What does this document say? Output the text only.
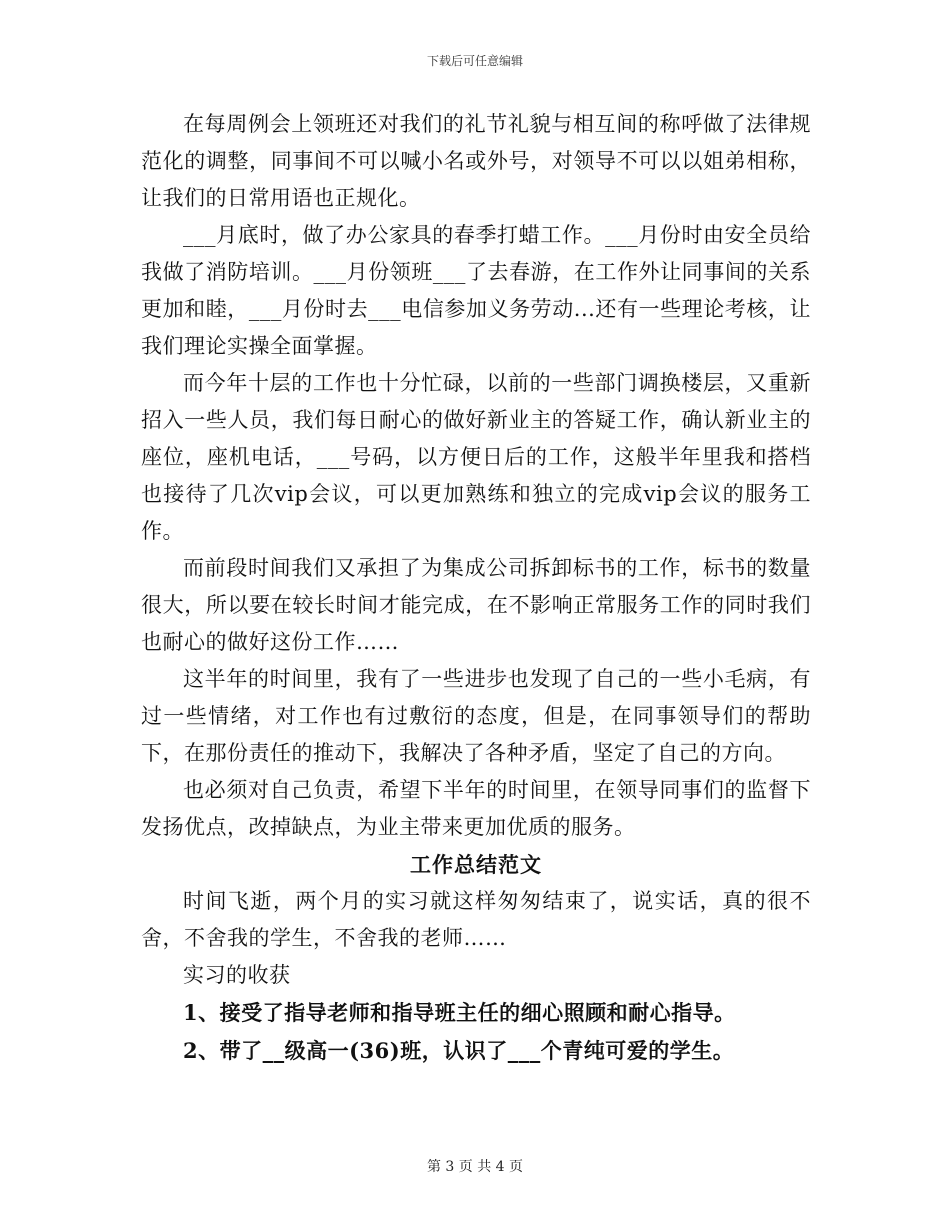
下载后可任意编辑

在每周例会上领班还对我们的礼节礼貌与相互间的称呼做了法律规范化的调整，同事间不可以喊小名或外号，对领导不可以以姐弟相称，让我们的日常用语也正规化。

___月底时，做了办公家具的春季打蜡工作。___月份时由安全员给我做了消防培训。___月份领班___了去春游，在工作外让同事间的关系更加和睦，___月份时去___电信参加义务劳动...还有一些理论考核，让我们理论实操全面掌握。

而今年十层的工作也十分忙碌，以前的一些部门调换楼层，又重新招入一些人员，我们每日耐心的做好新业主的答疑工作，确认新业主的座位，座机电话，___号码，以方便日后的工作，这般半年里我和搭档也接待了几次vip会议，可以更加熟练和独立的完成vip会议的服务工作。

而前段时间我们又承担了为集成公司拆卸标书的工作，标书的数量很大，所以要在较长时间才能完成，在不影响正常服务工作的同时我们也耐心的做好这份工作……

这半年的时间里，我有了一些进步也发现了自己的一些小毛病，有过一些情绪，对工作也有过敷衍的态度，但是，在同事领导们的帮助下，在那份责任的推动下，我解决了各种矛盾，坚定了自己的方向。

也必须对自己负责，希望下半年的时间里，在领导同事们的监督下发扬优点，改掉缺点，为业主带来更加优质的服务。

工作总结范文

时间飞逝，两个月的实习就这样匆匆结束了，说实话，真的很不舍，不舍我的学生，不舍我的老师……

实习的收获

1、接受了指导老师和指导班主任的细心照顾和耐心指导。

2、带了__级高一(36)班，认识了___个青纯可爱的学生。

第 3 页 共 4 页
